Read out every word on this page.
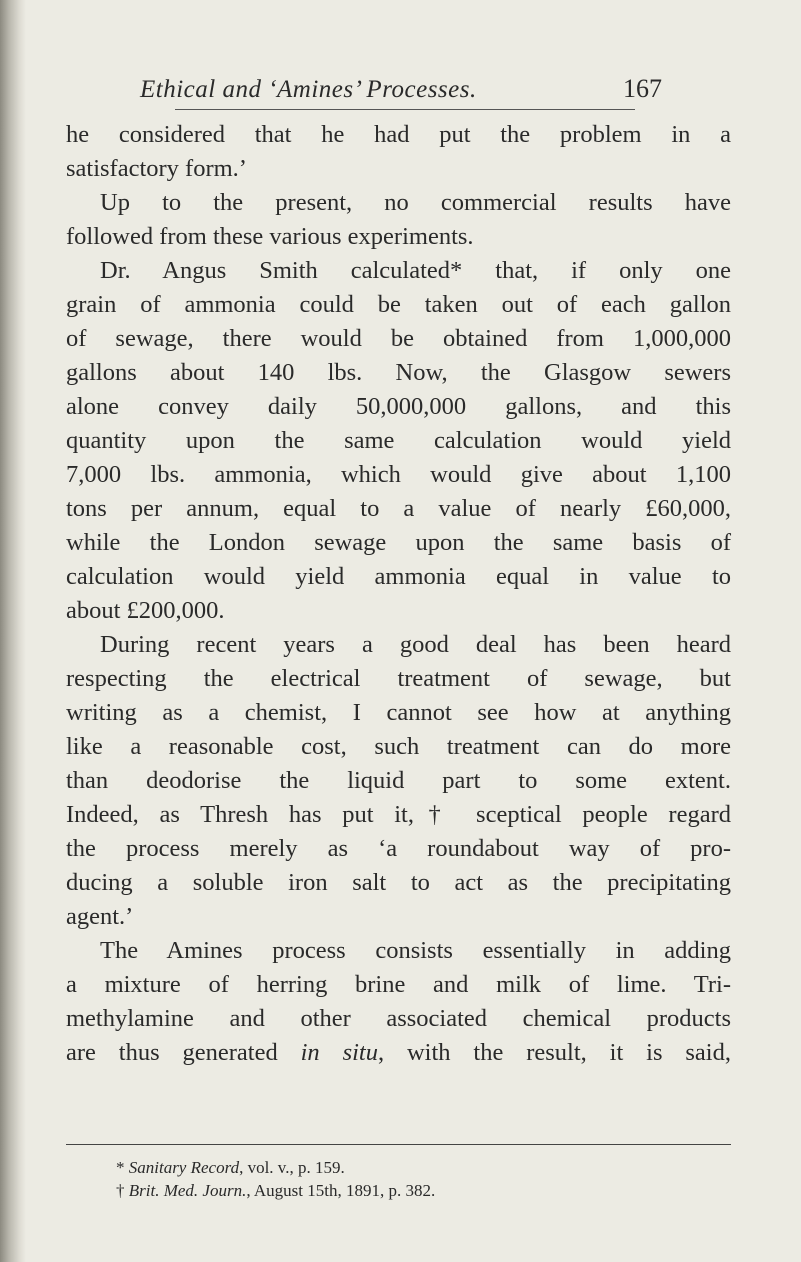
Ethical and ‘Amines’ Processes.	167
he considered that he had put the problem in a
satisfactory form.’
Up to the present, no commercial results have
followed from these various experiments.
Dr. Angus Smith calculated* that, if only one
grain of ammonia could be taken out of each gallon
of sewage, there would be obtained from 1,000,000
gallons about 140 lbs. Now, the Glasgow sewers
alone convey daily 50,000,000 gallons, and this
quantity upon the same calculation would yield
7,000 lbs. ammonia, which would give about 1,100
tons per annum, equal to a value of nearly £60,000,
while the London sewage upon the same basis of
calculation would yield ammonia equal in value to
about £200,000.
During recent years a good deal has been heard
respecting the electrical treatment of sewage, but
writing as a chemist, I cannot see how at anything
like a reasonable cost, such treatment can do more
than deodorise the liquid part to some extent.
Indeed, as Thresh has put it,† sceptical people regard
the process merely as ‘a roundabout way of pro-
ducing a soluble iron salt to act as the precipitating
agent.’
The Amines process consists essentially in adding
a mixture of herring brine and milk of lime. Tri-
methylamine and other associated chemical products
are thus generated in situ, with the result, it is said,
* Sanitary Record, vol. v., p. 159.
† Brit. Med. Journ., August 15th, 1891, p. 382.
